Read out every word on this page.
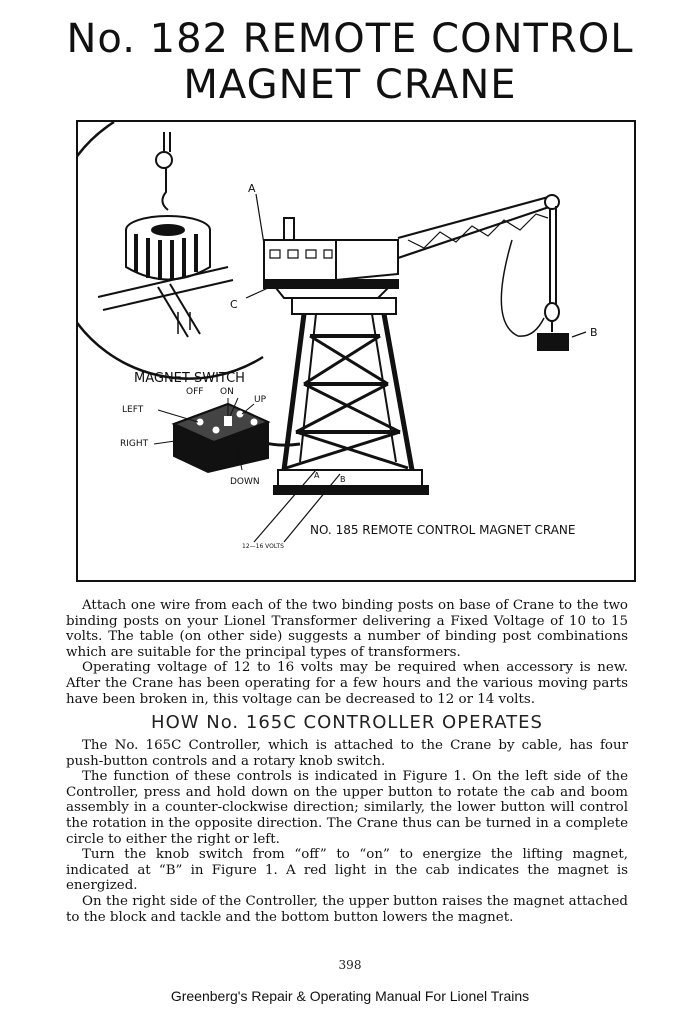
No. 182 REMOTE CONTROL
MAGNET CRANE
A
C
B
MAGNET SWITCH
OFF ON
UP
LEFT
RIGHT
DOWN
A	B
NO. 185 REMOTE CONTROL MAGNET CRANE
12—16 VOLTS

Attach one wire from each of the two binding posts on base of Crane to the two binding posts on your Lionel Transformer delivering a Fixed Voltage of 10 to 15 volts. The table (on other side) suggests a number of binding post combinations which are suitable for the principal types of transformers.

Operating voltage of 12 to 16 volts may be required when accessory is new. After the Crane has been operating for a few hours and the various moving parts have been broken in, this voltage can be decreased to 12 or 14 volts.

HOW No. 165C CONTROLLER OPERATES

The No. 165C Controller, which is attached to the Crane by cable, has four push-button controls and a rotary knob switch.

The function of these controls is indicated in Figure 1. On the left side of the Controller, press and hold down on the upper button to rotate the cab and boom assembly in a counter-clockwise direction; similarly, the lower button will control the rotation in the opposite direction. The Crane thus can be turned in a complete circle to either the right or left.

Turn the knob switch from “off” to “on” to energize the lifting magnet, indicated at “B” in Figure 1. A red light in the cab indicates the magnet is energized.

On the right side of the Controller, the upper button raises the magnet attached to the block and tackle and the bottom button lowers the magnet.

398
Greenberg's Repair & Operating Manual For Lionel Trains
